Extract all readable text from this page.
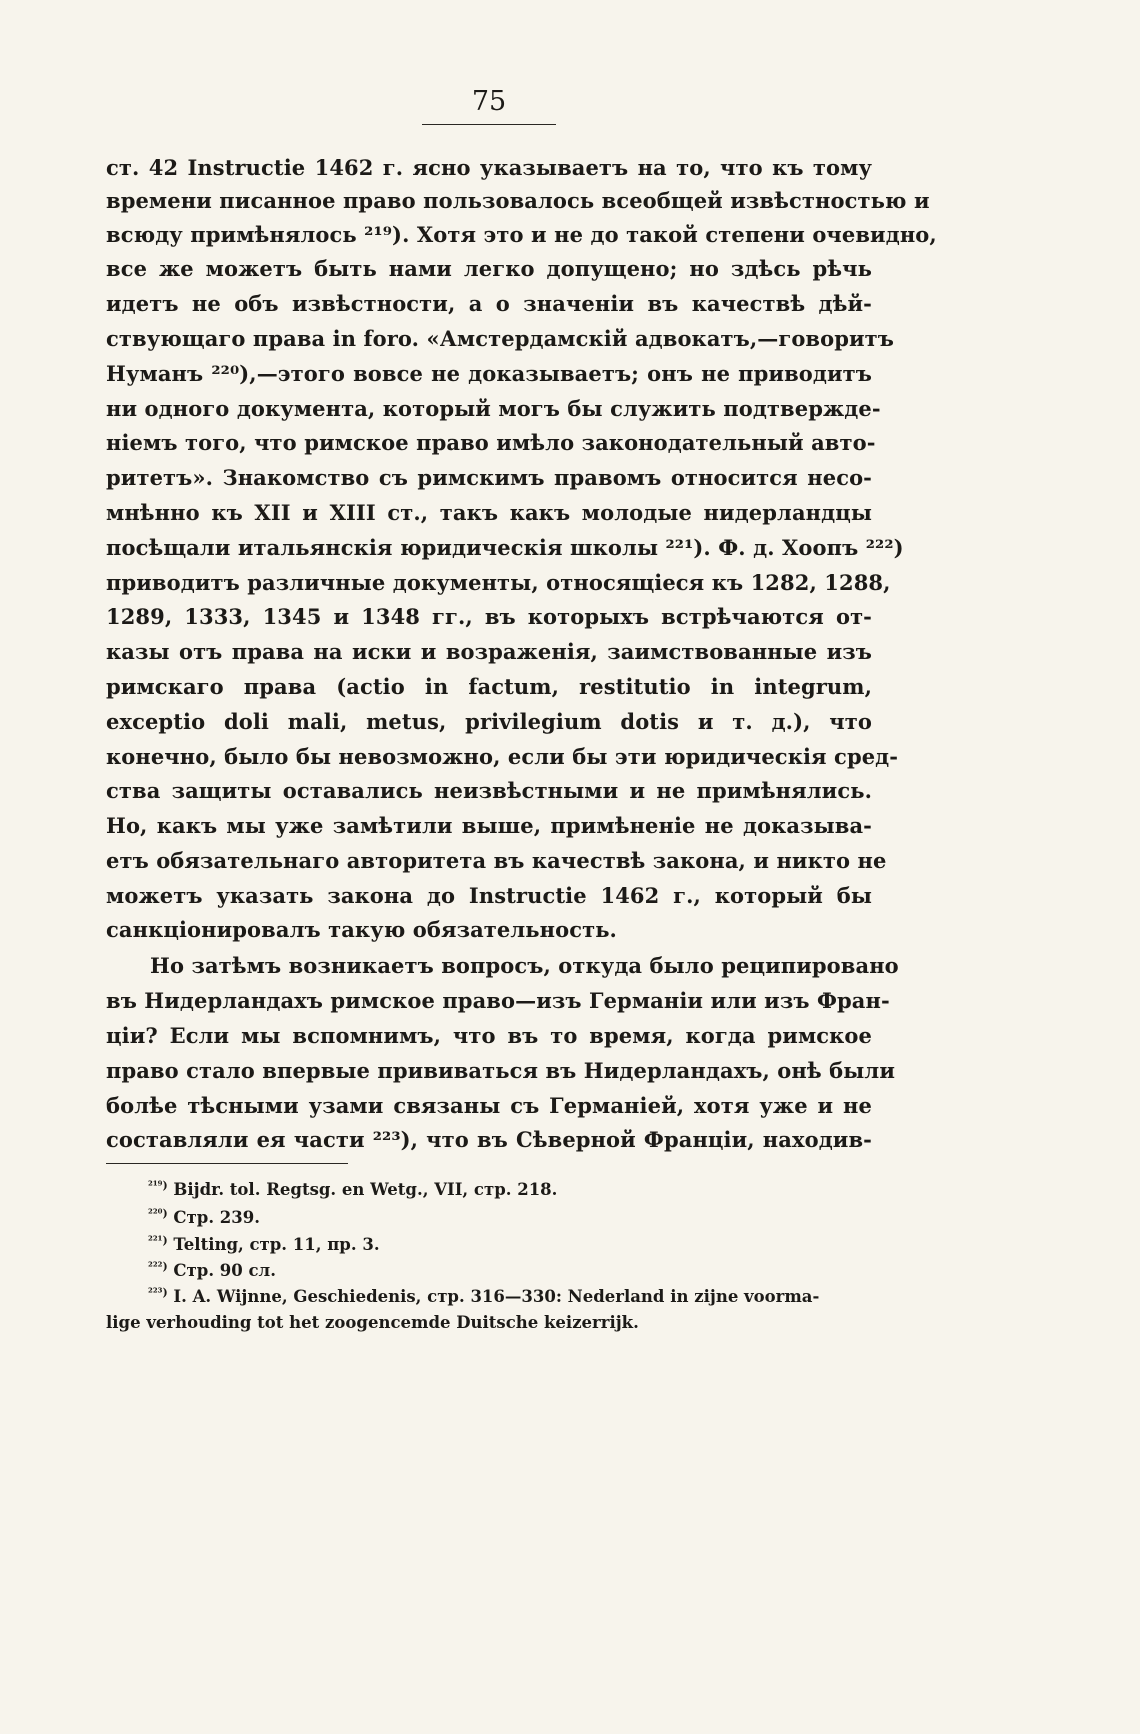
75
ст. 42 Instructie 1462 г. ясно указываетъ на то, что къ тому
времени писанное право пользовалось всеобщей извѣстностью и
всюду примѣнялось ²¹⁹). Хотя это и не до такой степени очевидно,
все же можетъ быть нами легко допущено; но здѣсь рѣчь
идетъ не объ извѣстности, а о значеніи въ качествѣ дѣй-
ствующаго права in foro. «Амстердамскій адвокатъ,—говоритъ
Нуманъ ²²⁰),—этого вовсе не доказываетъ; онъ не приводитъ
ни одного документа, который могъ бы служить подтвержде-
ніемъ того, что римское право имѣло законодательный авто-
ритетъ». Знакомство съ римскимъ правомъ относится несо-
мнѣнно къ XII и XIII ст., такъ какъ молодые нидерландцы
посѣщали итальянскія юридическія школы ²²¹). Ф. д. Хоопъ ²²²)
приводитъ различные документы, относящіеся къ 1282, 1288,
1289, 1333, 1345 и 1348 гг., въ которыхъ встрѣчаются от-
казы отъ права на иски и возраженія, заимствованные изъ
римскаго права (actio in factum, restitutio in integrum,
exceptio doli mali, metus, privilegium dotis и т. д.), что
конечно, было бы невозможно, если бы эти юридическія сред-
ства защиты оставались неизвѣстными и не примѣнялись.
Но, какъ мы уже замѣтили выше, примѣненіе не доказыва-
етъ обязательнаго авторитета въ качествѣ закона, и никто не
можетъ указать закона до Instructie 1462 г., который бы
санкціонировалъ такую обязательность.
Но затѣмъ возникаетъ вопросъ, откуда было реципировано
въ Нидерландахъ римское право—изъ Германіи или изъ Фран-
ціи? Если мы вспомнимъ, что въ то время, когда римское
право стало впервые прививаться въ Нидерландахъ, онѣ были
болѣе тѣсными узами связаны съ Германіей, хотя уже и не
составляли ея части ²²³), что въ Сѣверной Франціи, находив-
$^{^{219})}$ Bijdr. tol. Regtsg. en Wetg., VII, стр. 218.
$^{^{220})}$ Стр. 239.
$^{^{221})}$ Telting, стр. 11, пр. 3.
$^{^{222})}$ Стр. 90 сл.
$^{^{223})}$ I. A. Wijnne, Geschiedenis, стр. 316—330: Nederland in zijne voorma-
lige verhouding tot het zoogencemde Duitsche keizerrijk.
